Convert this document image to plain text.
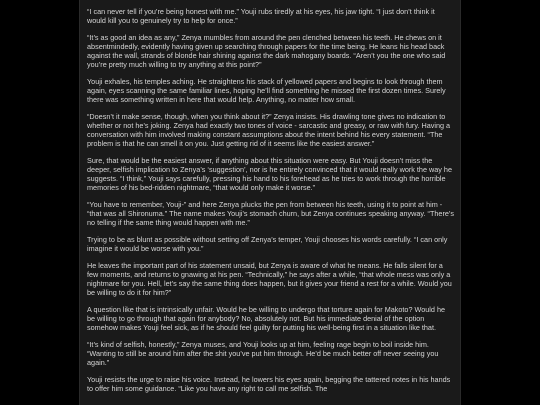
“I can never tell if you’re being honest with me.” Youji rubs tiredly at his eyes, his jaw tight. “I just don’t think it would kill you to genuinely try to help for once.”

“It’s as good an idea as any,” Zenya mumbles from around the pen clenched between his teeth. He chews on it absentmindedly, evidently having given up searching through papers for the time being. He leans his head back against the wall, strands of blonde hair shining against the dark mahogany boards. “Aren’t you the one who said you’re pretty much willing to try anything at this point?”

Youji exhales, his temples aching. He straightens his stack of yellowed papers and begins to look through them again, eyes scanning the same familiar lines, hoping he’ll find something he missed the first dozen times. Surely there was something written in here that would help. Anything, no matter how small.

“Doesn’t it make sense, though, when you think about it?” Zenya insists. His drawling tone gives no indication to whether or not he’s joking. Zenya had exactly two tones of voice - sarcastic and greasy, or raw with fury. Having a conversation with him involved making constant assumptions about the intent behind his every statement. “The problem is that he can smell it on you. Just getting rid of it seems like the easiest answer.”

Sure, that would be the easiest answer, if anything about this situation were easy. But Youji doesn’t miss the deeper, selfish implication to Zenya’s ‘suggestion’, nor is he entirely convinced that it would really work the way he suggests. “I think,” Youji says carefully, pressing his hand to his forehead as he tries to work through the horrible memories of his bed-ridden nightmare, “that would only make it worse.”

“You have to remember, Youji-” and here Zenya plucks the pen from between his teeth, using it to point at him - “that was all Shironuma.” The name makes Youji’s stomach churn, but Zenya continues speaking anyway. “There’s no telling if the same thing would happen with me.”

Trying to be as blunt as possible without setting off Zenya’s temper, Youji chooses his words carefully. “I can only imagine it would be worse with you.”

He leaves the important part of his statement unsaid, but Zenya is aware of what he means. He falls silent for a few moments, and returns to gnawing at his pen. “Technically,” he says after a while, “that whole mess was only a nightmare for you. Hell, let’s say the same thing does happen, but it gives your friend a rest for a while. Would you be willing to do it for him?”

A question like that is intrinsically unfair. Would he be willing to undergo that torture again for Makoto? Would he be willing to go through that again for anybody? No, absolutely not. But his immediate denial of the option somehow makes Youji feel sick, as if he should feel guilty for putting his well-being first in a situation like that.

“It’s kind of selfish, honestly,” Zenya muses, and Youji looks up at him, feeling rage begin to boil inside him. “Wanting to still be around him after the shit you’ve put him through. He’d be much better off never seeing you again.”

Youji resists the urge to raise his voice. Instead, he lowers his eyes again, begging the tattered notes in his hands to offer him some guidance. “Like you have any right to call me selfish. The
